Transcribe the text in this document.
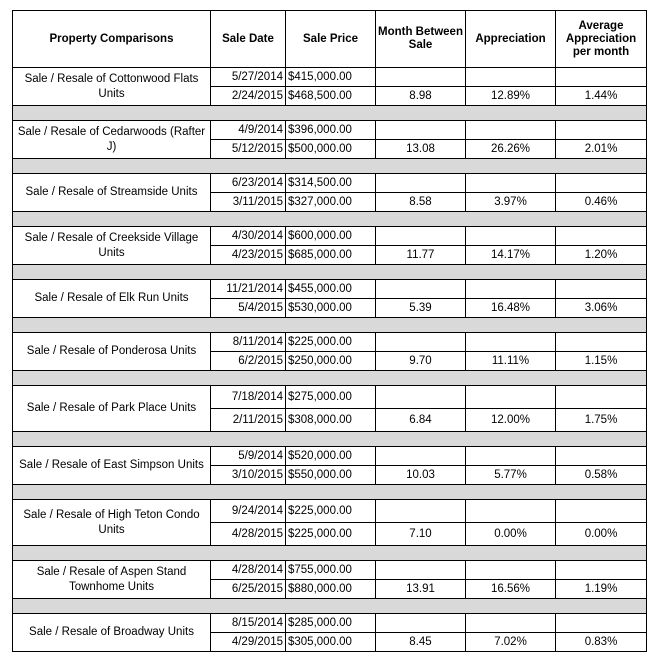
Property Comparisons	Sale Date	Sale Price	Month Between Sale	Appreciation	Average Appreciation per month
Sale / Resale of Cottonwood Flats Units	5/27/2014	$415,000.00			
	2/24/2015	$468,500.00	8.98	12.89%	1.44%

Sale / Resale of Cedarwoods (Rafter J)	4/9/2014	$396,000.00			
	5/12/2015	$500,000.00	13.08	26.26%	2.01%

Sale / Resale of Streamside Units	6/23/2014	$314,500.00			
	3/11/2015	$327,000.00	8.58	3.97%	0.46%

Sale / Resale of Creekside Village Units	4/30/2014	$600,000.00			
	4/23/2015	$685,000.00	11.77	14.17%	1.20%

Sale / Resale of Elk Run Units	11/21/2014	$455,000.00			
	5/4/2015	$530,000.00	5.39	16.48%	3.06%

Sale / Resale of Ponderosa Units	8/11/2014	$225,000.00			
	6/2/2015	$250,000.00	9.70	11.11%	1.15%

Sale / Resale of Park Place Units	7/18/2014	$275,000.00			
	2/11/2015	$308,000.00	6.84	12.00%	1.75%

Sale / Resale of East Simpson Units	5/9/2014	$520,000.00			
	3/10/2015	$550,000.00	10.03	5.77%	0.58%

Sale / Resale of High Teton Condo Units	9/24/2014	$225,000.00			
	4/28/2015	$225,000.00	7.10	0.00%	0.00%

Sale / Resale of Aspen Stand Townhome Units	4/28/2014	$755,000.00			
	6/25/2015	$880,000.00	13.91	16.56%	1.19%

Sale / Resale of Broadway Units	8/15/2014	$285,000.00			
	4/29/2015	$305,000.00	8.45	7.02%	0.83%
